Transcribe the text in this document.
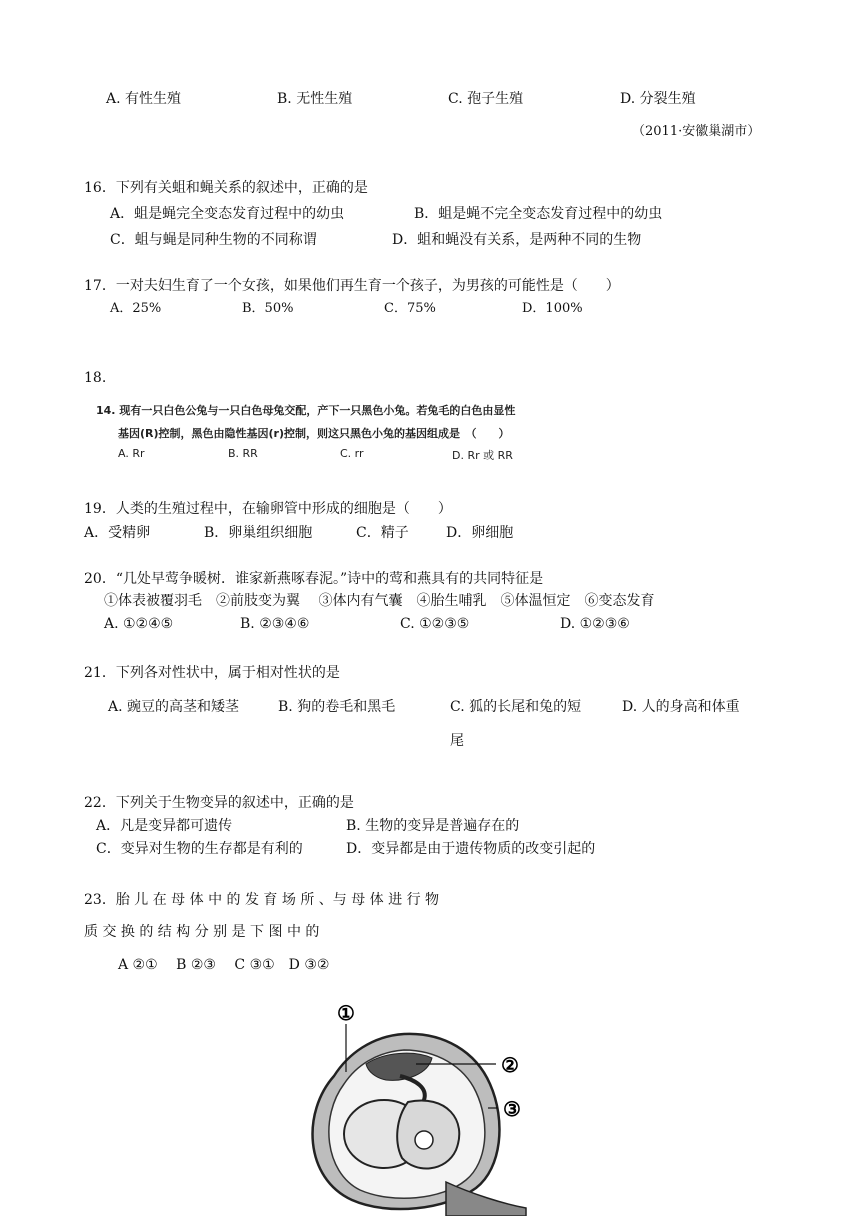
A. 有性生殖	B. 无性生殖	C. 孢子生殖	D. 分裂生殖
（2011·安徽巢湖市）
16．下列有关蛆和蝇关系的叙述中，正确的是
A．蛆是蝇完全变态发育过程中的幼虫	B．蛆是蝇不完全变态发育过程中的幼虫
C．蛆与蝇是同种生物的不同称谓	D．蛆和蝇没有关系，是两种不同的生物
17．一对夫妇生育了一个女孩，如果他们再生育一个孩子，为男孩的可能性是（　　）
A．25%	B．50%	C．75%	D．100%
18.
14. 现有一只白色公兔与一只白色母兔交配，产下一只黑色小兔。若兔毛的白色由显性
基因(R)控制，黑色由隐性基因(r)控制，则这只黑色小兔的基因组成是　（　　）
A. Rr	B. RR	C. rr	D. Rr 或 RR
19．人类的生殖过程中，在输卵管中形成的细胞是（　　）
A．受精卵	B．卵巢组织细胞	C．精子	D．卵细胞
20．“几处早莺争暖树．谁家新燕啄春泥。”诗中的莺和燕具有的共同特征是
①体表被覆羽毛　②前肢变为翼　 ③体内有气囊　④胎生哺乳　⑤体温恒定　⑥变态发育
A. ①②④⑤	B. ②③④⑥	C. ①②③⑤	D. ①②③⑥
21．下列各对性状中，属于相对性状的是
A. 豌豆的高茎和矮茎	B. 狗的卷毛和黑毛	C. 狐的长尾和兔的短
尾
D. 人的身高和体重
22．下列关于生物变异的叙述中，正确的是
A．凡是变异都可遗传	B. 生物的变异是普遍存在的
C．变异对生物的生存都是有利的	D．变异都是由于遗传物质的改变引起的
23．胎 儿 在 母 体 中 的 发 育 场 所 、与 母 体 进 行 物
质 交 换 的 结 构 分 别 是 下 图 中 的
A ②①　 B ②③　 C ③①　D ③②
①
②
③
